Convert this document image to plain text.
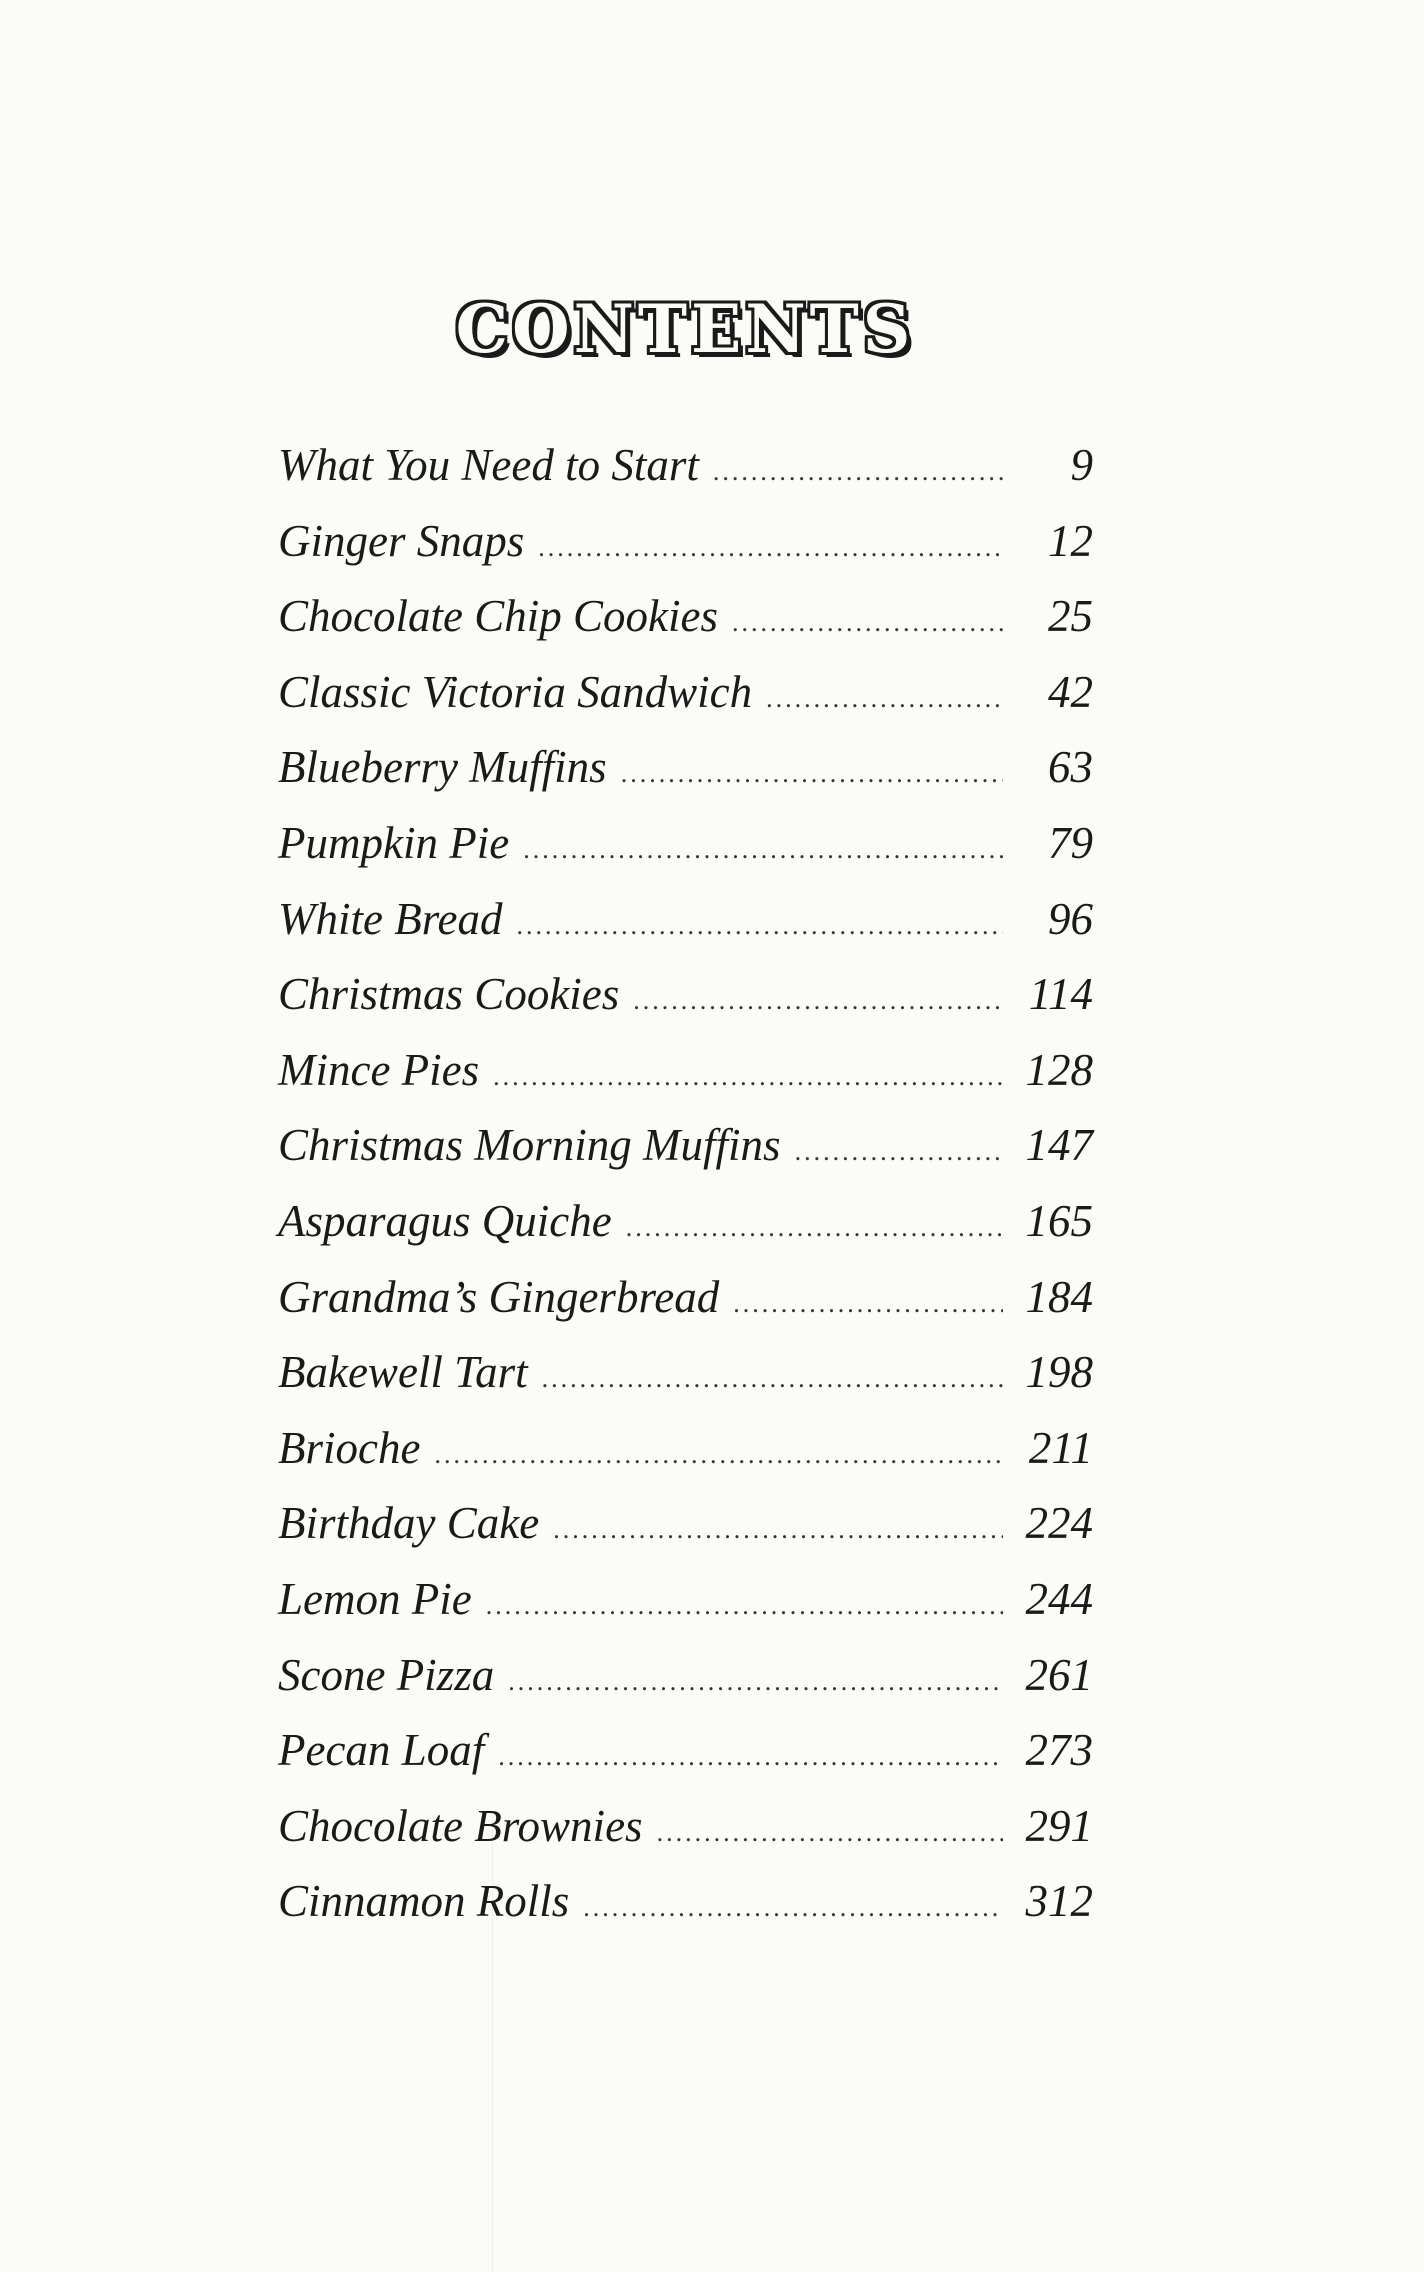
CONTENTS
What You Need to Start .....	9
Ginger Snaps .....	12
Chocolate Chip Cookies .....	25
Classic Victoria Sandwich .....	42
Blueberry Muffins .....	63
Pumpkin Pie .....	79
White Bread .....	96
Christmas Cookies .....	114
Mince Pies .....	128
Christmas Morning Muffins .....	147
Asparagus Quiche .....	165
Grandma’s Gingerbread .....	184
Bakewell Tart .....	198
Brioche .....	211
Birthday Cake .....	224
Lemon Pie .....	244
Scone Pizza .....	261
Pecan Loaf .....	273
Chocolate Brownies .....	291
Cinnamon Rolls .....	312
